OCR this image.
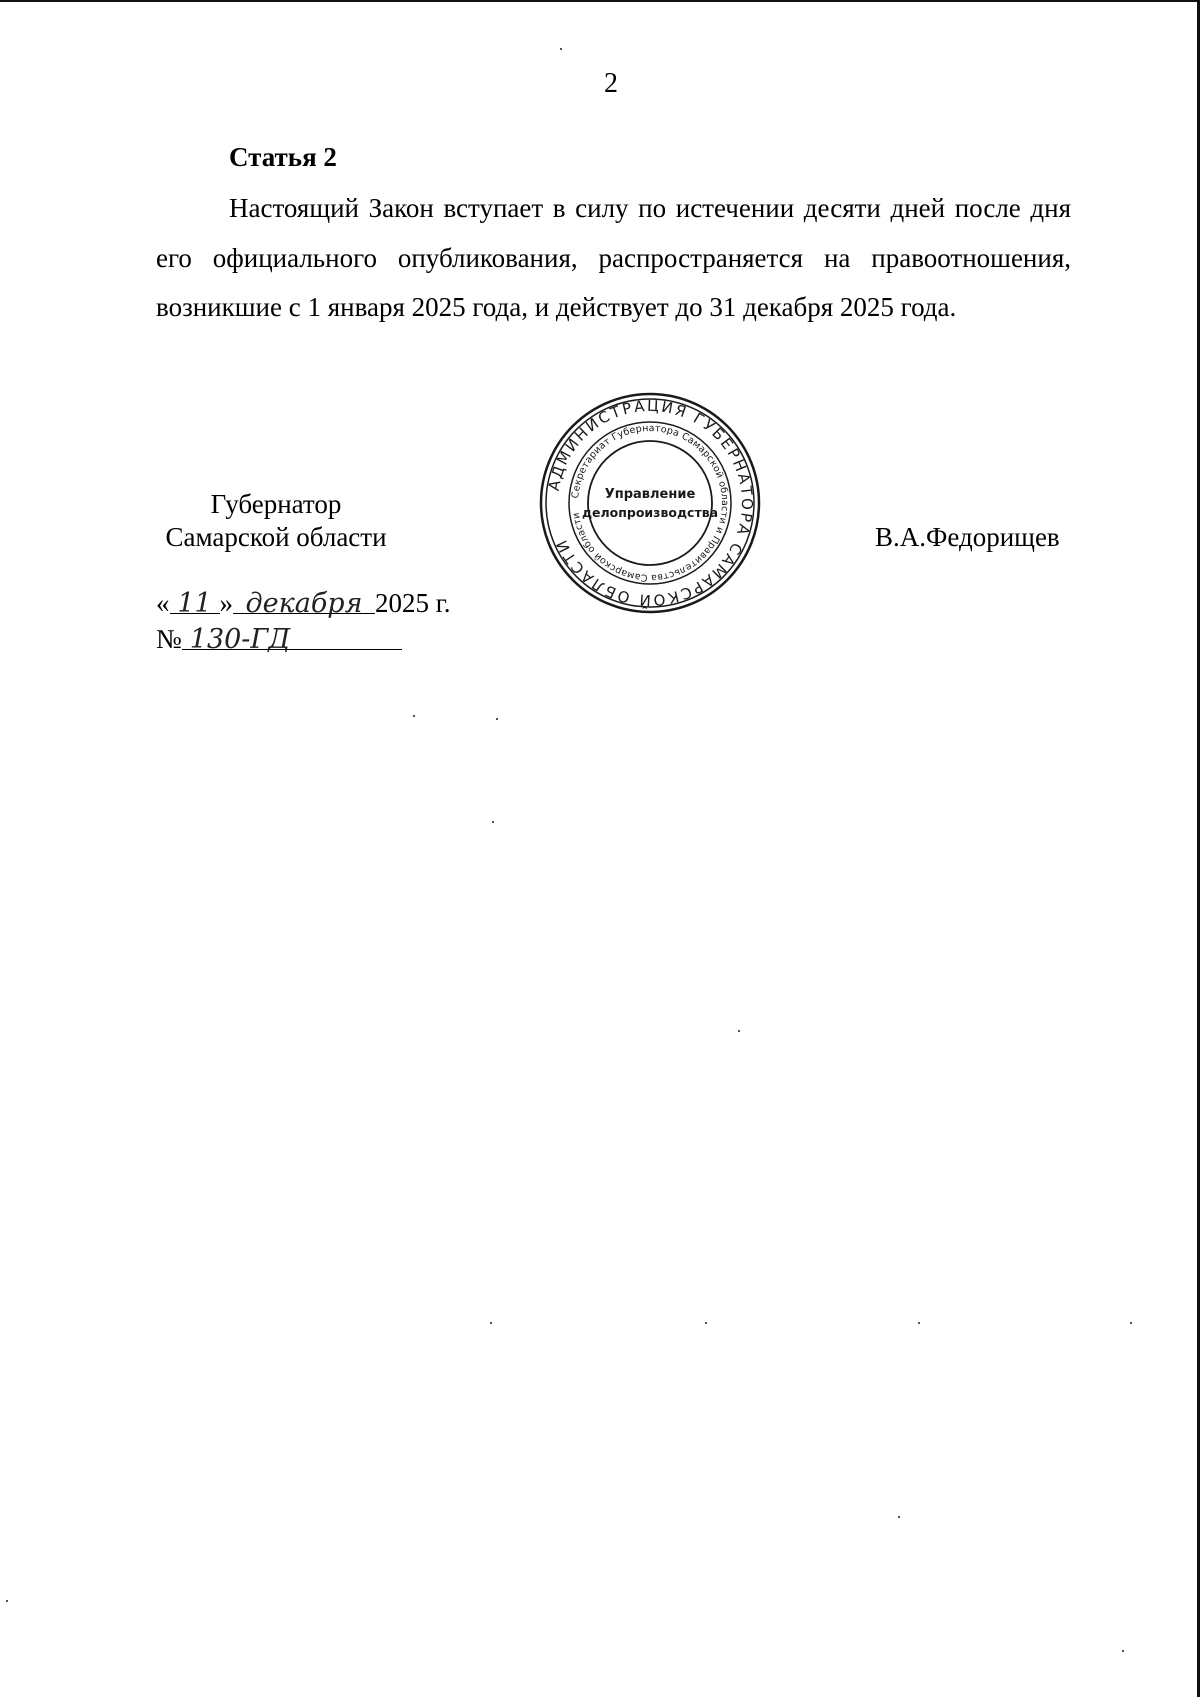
2
Статья 2

Настоящий Закон вступает в силу по истечении десяти дней после дня его официального опубликования, распространяется на правоотношения, возникшие с 1 января 2025 года, и действует до 31 декабря 2025 года.

Губернатор
Самарской области	В.А.Федорищев
АДМИНИСТРАЦИЯ ГУБЕРНАТОРА САМАРСКОЙ ОБЛАСТИ
Секретариат Губернатора Самарской области и Правительства Самарской области
Управление
делопроизводства
« 11 » декабря 2025 г.
№ 130-ГД
